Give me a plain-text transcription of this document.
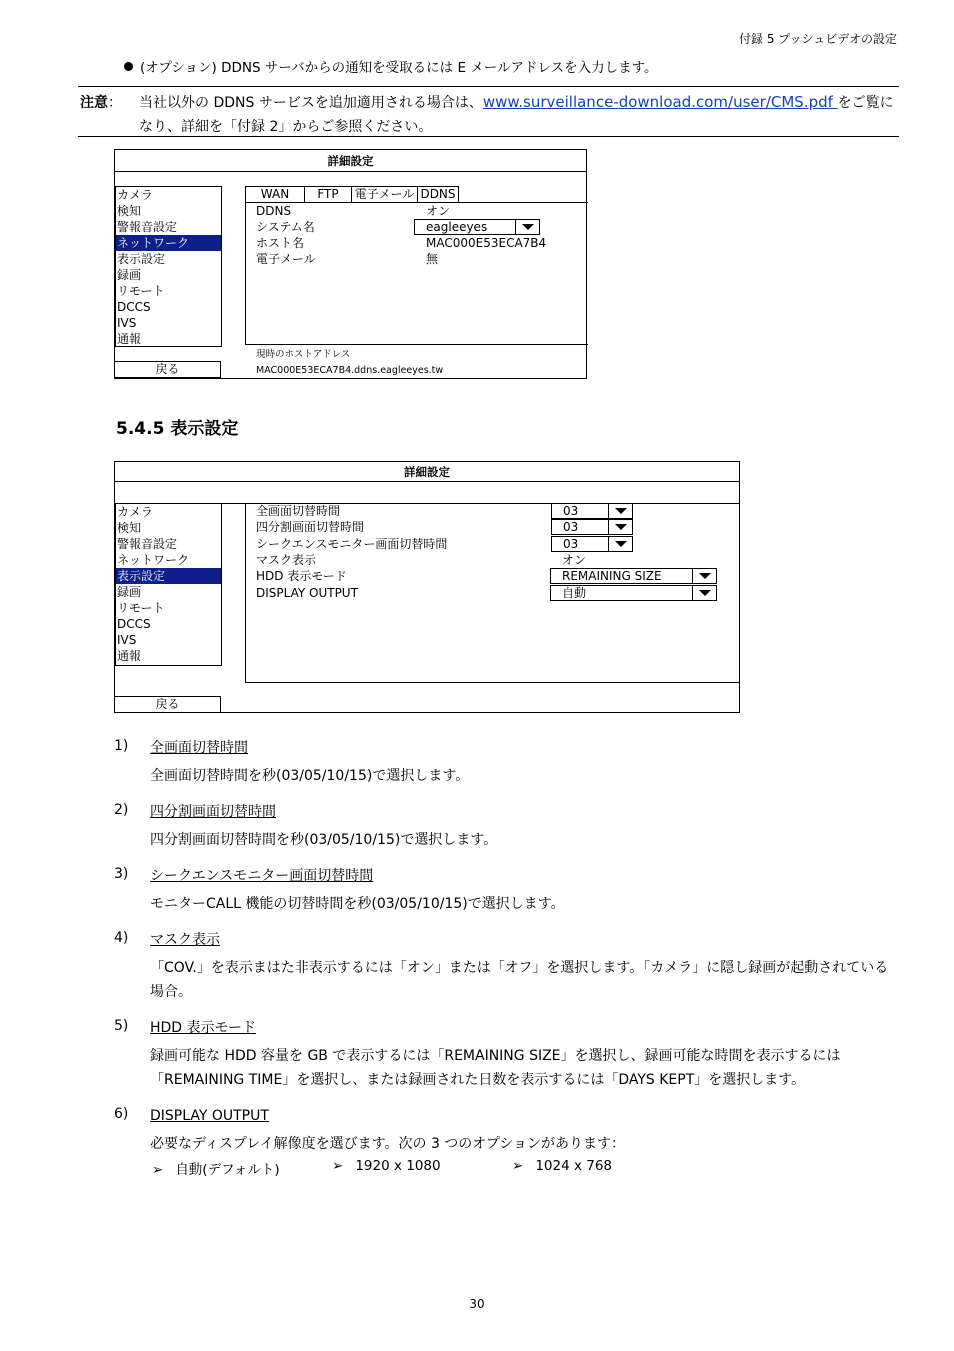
付録 5 プッシュビデオの設定
(オプション) DDNS サーバからの通知を受取るには E メールアドレスを入力します。
注意： 当社以外の DDNS サービスを追加適用される場合は、www.surveillance-download.com/user/CMS.pdf をご覧になり、詳細を「付録 2」からご参照ください。
詳細設定
カメラ
検知
警報音設定
ネットワーク
表示設定
録画
リモート
DCCS
IVS
通報
戻る
WAN	FTP	電子メール DDNS
DDNS	オン
システム名	eagleeyes
ホスト名	MAC000E53ECA7B4
電子メール	無
現時のホストアドレス
MAC000E53ECA7B4.ddns.eagleeyes.tw
5.4.5 表示設定
詳細設定
カメラ
検知
警報音設定
ネットワーク
表示設定
録画
リモート
DCCS
IVS
通報
戻る
全画面切替時間	03
四分割画面切替時間	03
シークエンスモニター画面切替時間	03
マスク表示	オン
HDD 表示モード	REMAINING SIZE
DISPLAY OUTPUT	自動
1) 全画面切替時間
全画面切替時間を秒(03/05/10/15)で選択します。
2) 四分割画面切替時間
四分割画面切替時間を秒(03/05/10/15)で選択します。
3) シークエンスモニター画面切替時間
モニターCALL 機能の切替時間を秒(03/05/10/15)で選択します。
4) マスク表示
「COV.」を表示まはた非表示するには「オン」または「オフ」を選択します。「カメラ」に隠し録画が起動されている場合。
5) HDD 表示モード
録画可能な HDD 容量を GB で表示するには「REMAINING SIZE」を選択し、録画可能な時間を表示するには「REMAINING TIME」を選択し、または録画された日数を表示するには「DAYS KEPT」を選択します。
6) DISPLAY OUTPUT
必要なディスプレイ解像度を選びます。次の 3 つのオプションがあります：
➢ 自動(デフォルト)	➢ 1920 x 1080	➢ 1024 x 768
30
